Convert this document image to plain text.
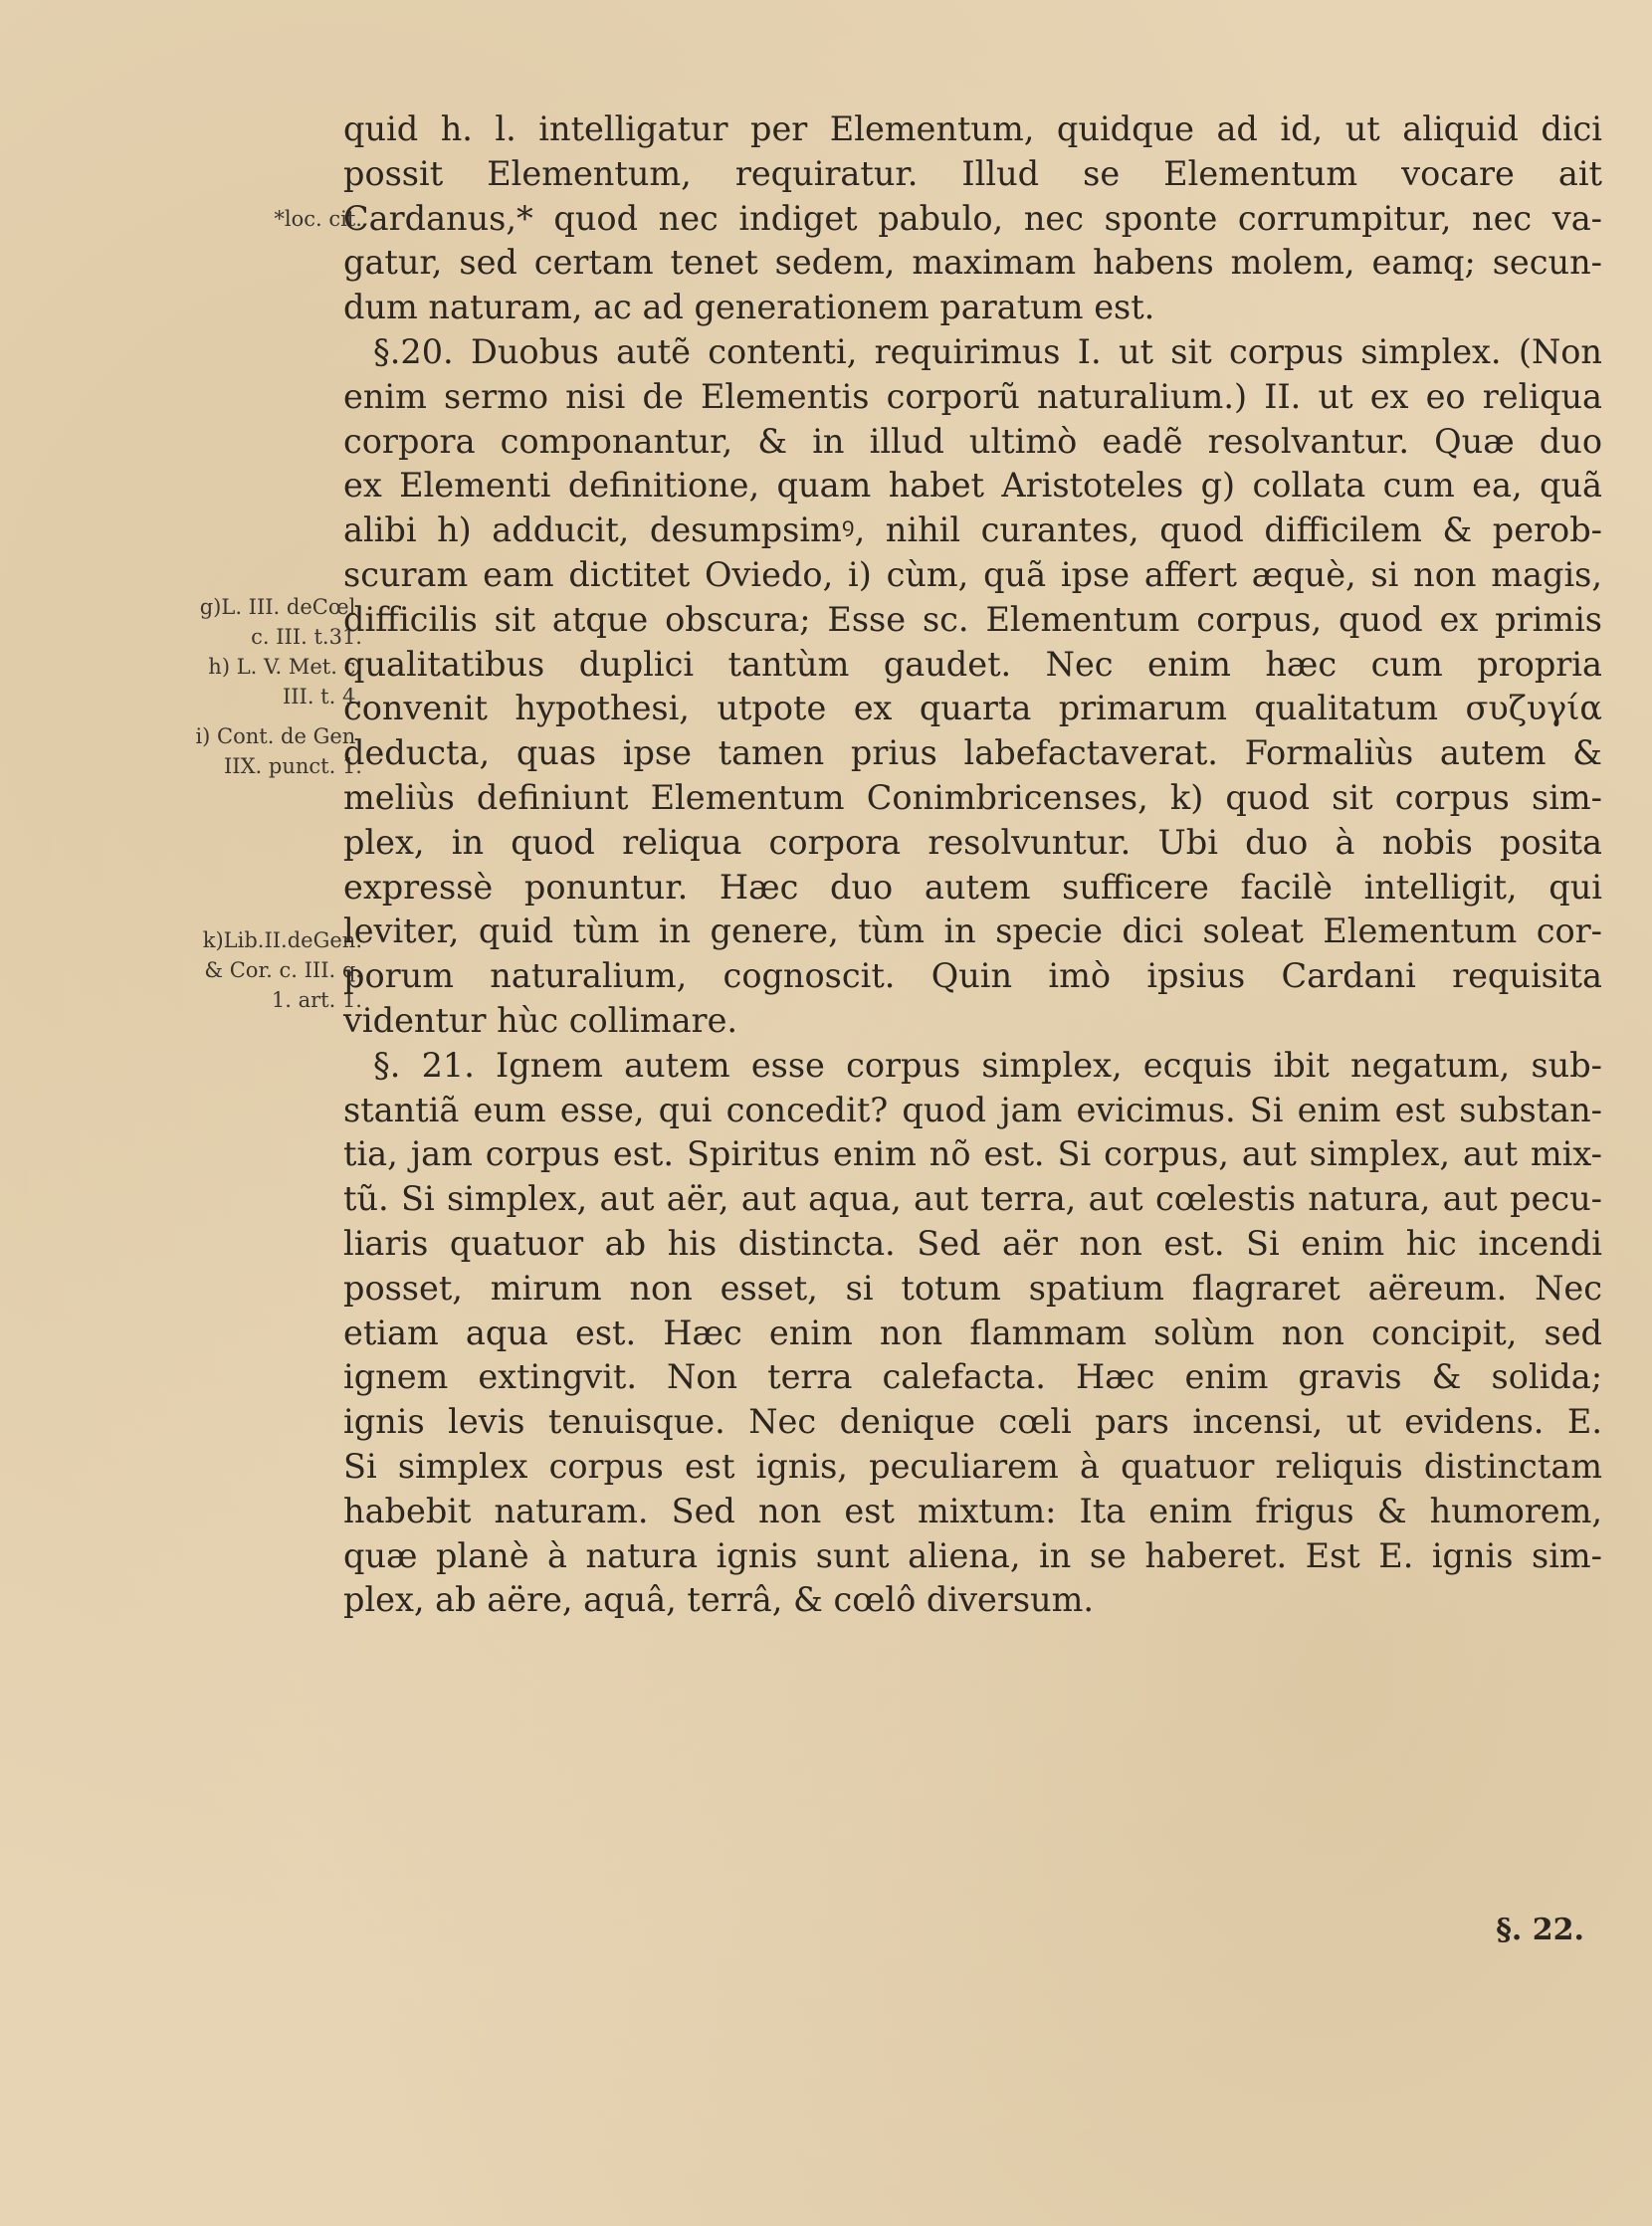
*loc. cit.
g)L. III. deCœl.
c. III. t.31.
h) L. V. Met. c.
III. t. 4.
i) Cont. de Gen.
IIX. punct. 1.
k)Lib.II.deGen.
& Cor. c. III. q.
1. art. 1.
quid h. l. intelligatur per Elementum, quidque ad id, ut aliquid dici
possit Elementum, requiratur. Illud se Elementum vocare ait
Cardanus,* quod nec indiget pabulo, nec sponte corrumpitur, nec va-
gatur, sed certam tenet sedem, maximam habens molem, eamq; secun-
dum naturam, ac ad generationem paratum est.
§.20. Duobus autẽ contenti, requirimus I. ut sit corpus simplex. (Non
enim sermo nisi de Elementis corporũ naturalium.) II. ut ex eo reliqua
corpora componantur, & in illud ultimò eadẽ resolvantur. Quæ duo
ex Elementi definitione, quam habet Aristoteles g) collata cum ea, quã
alibi h) adducit, desumpsimꝰ, nihil curantes, quod difficilem & perob-
scuram eam dictitet Oviedo, i) cùm, quã ipse affert æquè, si non magis,
difficilis sit atque obscura; Esse sc. Elementum corpus, quod ex primis
qualitatibus duplici tantùm gaudet. Nec enim hæc cum propria
convenit hypothesi, utpote ex quarta primarum qualitatum συζυγία
deducta, quas ipse tamen prius labefactaverat. Formaliùs autem &
meliùs definiunt Elementum Conimbricenses, k) quod sit corpus sim-
plex, in quod reliqua corpora resolvuntur. Ubi duo à nobis posita
expressè ponuntur. Hæc duo autem sufficere facilè intelligit, qui
leviter, quid tùm in genere, tùm in specie dici soleat Elementum cor-
porum naturalium, cognoscit. Quin imò ipsius Cardani requisita
videntur hùc collimare.
§. 21. Ignem autem esse corpus simplex, ecquis ibit negatum, sub-
stantiã eum esse, qui concedit? quod jam evicimus. Si enim est substan-
tia, jam corpus est. Spiritus enim nõ est. Si corpus, aut simplex, aut mix-
tũ. Si simplex, aut aër, aut aqua, aut terra, aut cœlestis natura, aut pecu-
liaris quatuor ab his distincta. Sed aër non est. Si enim hic incendi
posset, mirum non esset, si totum spatium flagraret aëreum. Nec
etiam aqua est. Hæc enim non flammam solùm non concipit, sed
ignem extingvit. Non terra calefacta. Hæc enim gravis & solida;
ignis levis tenuisque. Nec denique cœli pars incensi, ut evidens. E.
Si simplex corpus est ignis, peculiarem à quatuor reliquis distinctam
habebit naturam. Sed non est mixtum: Ita enim frigus & humorem,
quæ planè à natura ignis sunt aliena, in se haberet. Est E. ignis sim-
plex, ab aëre, aquâ, terrâ, & cœlô diversum.
§. 22.
